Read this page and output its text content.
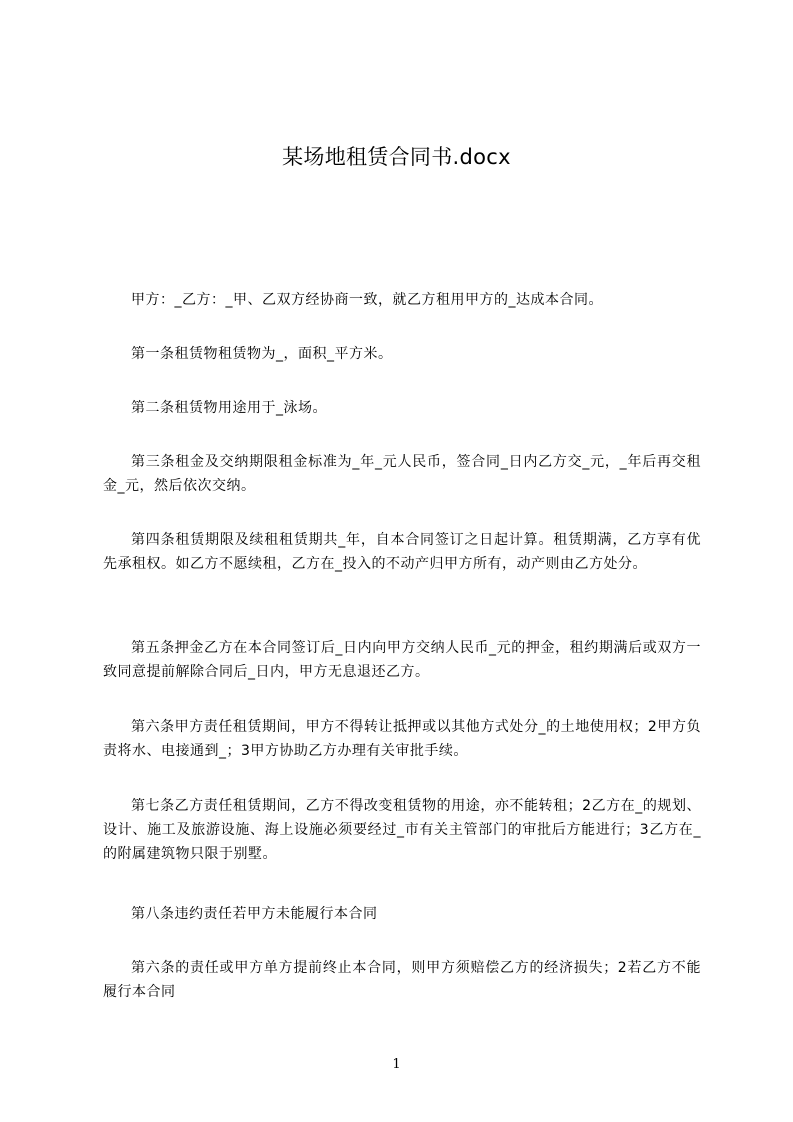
某场地租赁合同书.docx

甲方：_乙方：_甲、乙双方经协商一致，就乙方租用甲方的_达成本合同。

第一条租赁物租赁物为_，面积_平方米。

第二条租赁物用途用于_泳场。

第三条租金及交纳期限租金标准为_年_元人民币，签合同_日内乙方交_元，_年后再交租金_元，然后依次交纳。

第四条租赁期限及续租租赁期共_年，自本合同签订之日起计算。租赁期满，乙方享有优先承租权。如乙方不愿续租，乙方在_投入的不动产归甲方所有，动产则由乙方处分。

第五条押金乙方在本合同签订后_日内向甲方交纳人民币_元的押金，租约期满后或双方一致同意提前解除合同后_日内，甲方无息退还乙方。

第六条甲方责任租赁期间，甲方不得转让抵押或以其他方式处分_的土地使用权；2甲方负责将水、电接通到_；3甲方协助乙方办理有关审批手续。

第七条乙方责任租赁期间，乙方不得改变租赁物的用途，亦不能转租；2乙方在_的规划、设计、施工及旅游设施、海上设施必须要经过_市有关主管部门的审批后方能进行；3乙方在_的附属建筑物只限于别墅。

第八条违约责任若甲方未能履行本合同

第六条的责任或甲方单方提前终止本合同，则甲方须赔偿乙方的经济损失；2若乙方不能履行本合同

1
